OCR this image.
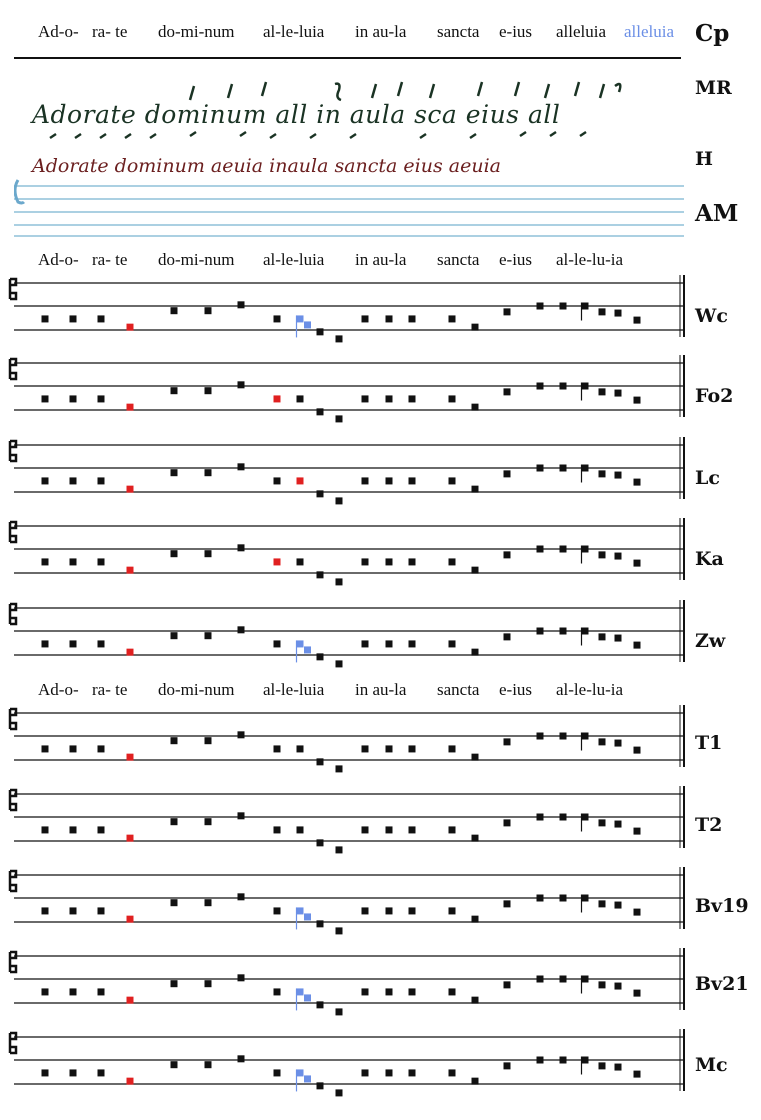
Ad-o- ra- te do-mi-num al-le-luia in au-la sancta e-ius alleluia alleluia Cp
Adorate dominum all in aula sca eius all
MR
Adorate dominum aeuia inaula sancta eius aeuia	H
AM
Ad-o- ra- te do-mi-num al-le-luia in au-la sancta e-ius al-le-lu-ia
Ad-o- ra- te do-mi-num al-le-luia in au-la sancta e-ius al-le-lu-ia
Wc
Fo2
Lc
Ka
Zw
T1
T2
Bv19
Bv21
Mc
